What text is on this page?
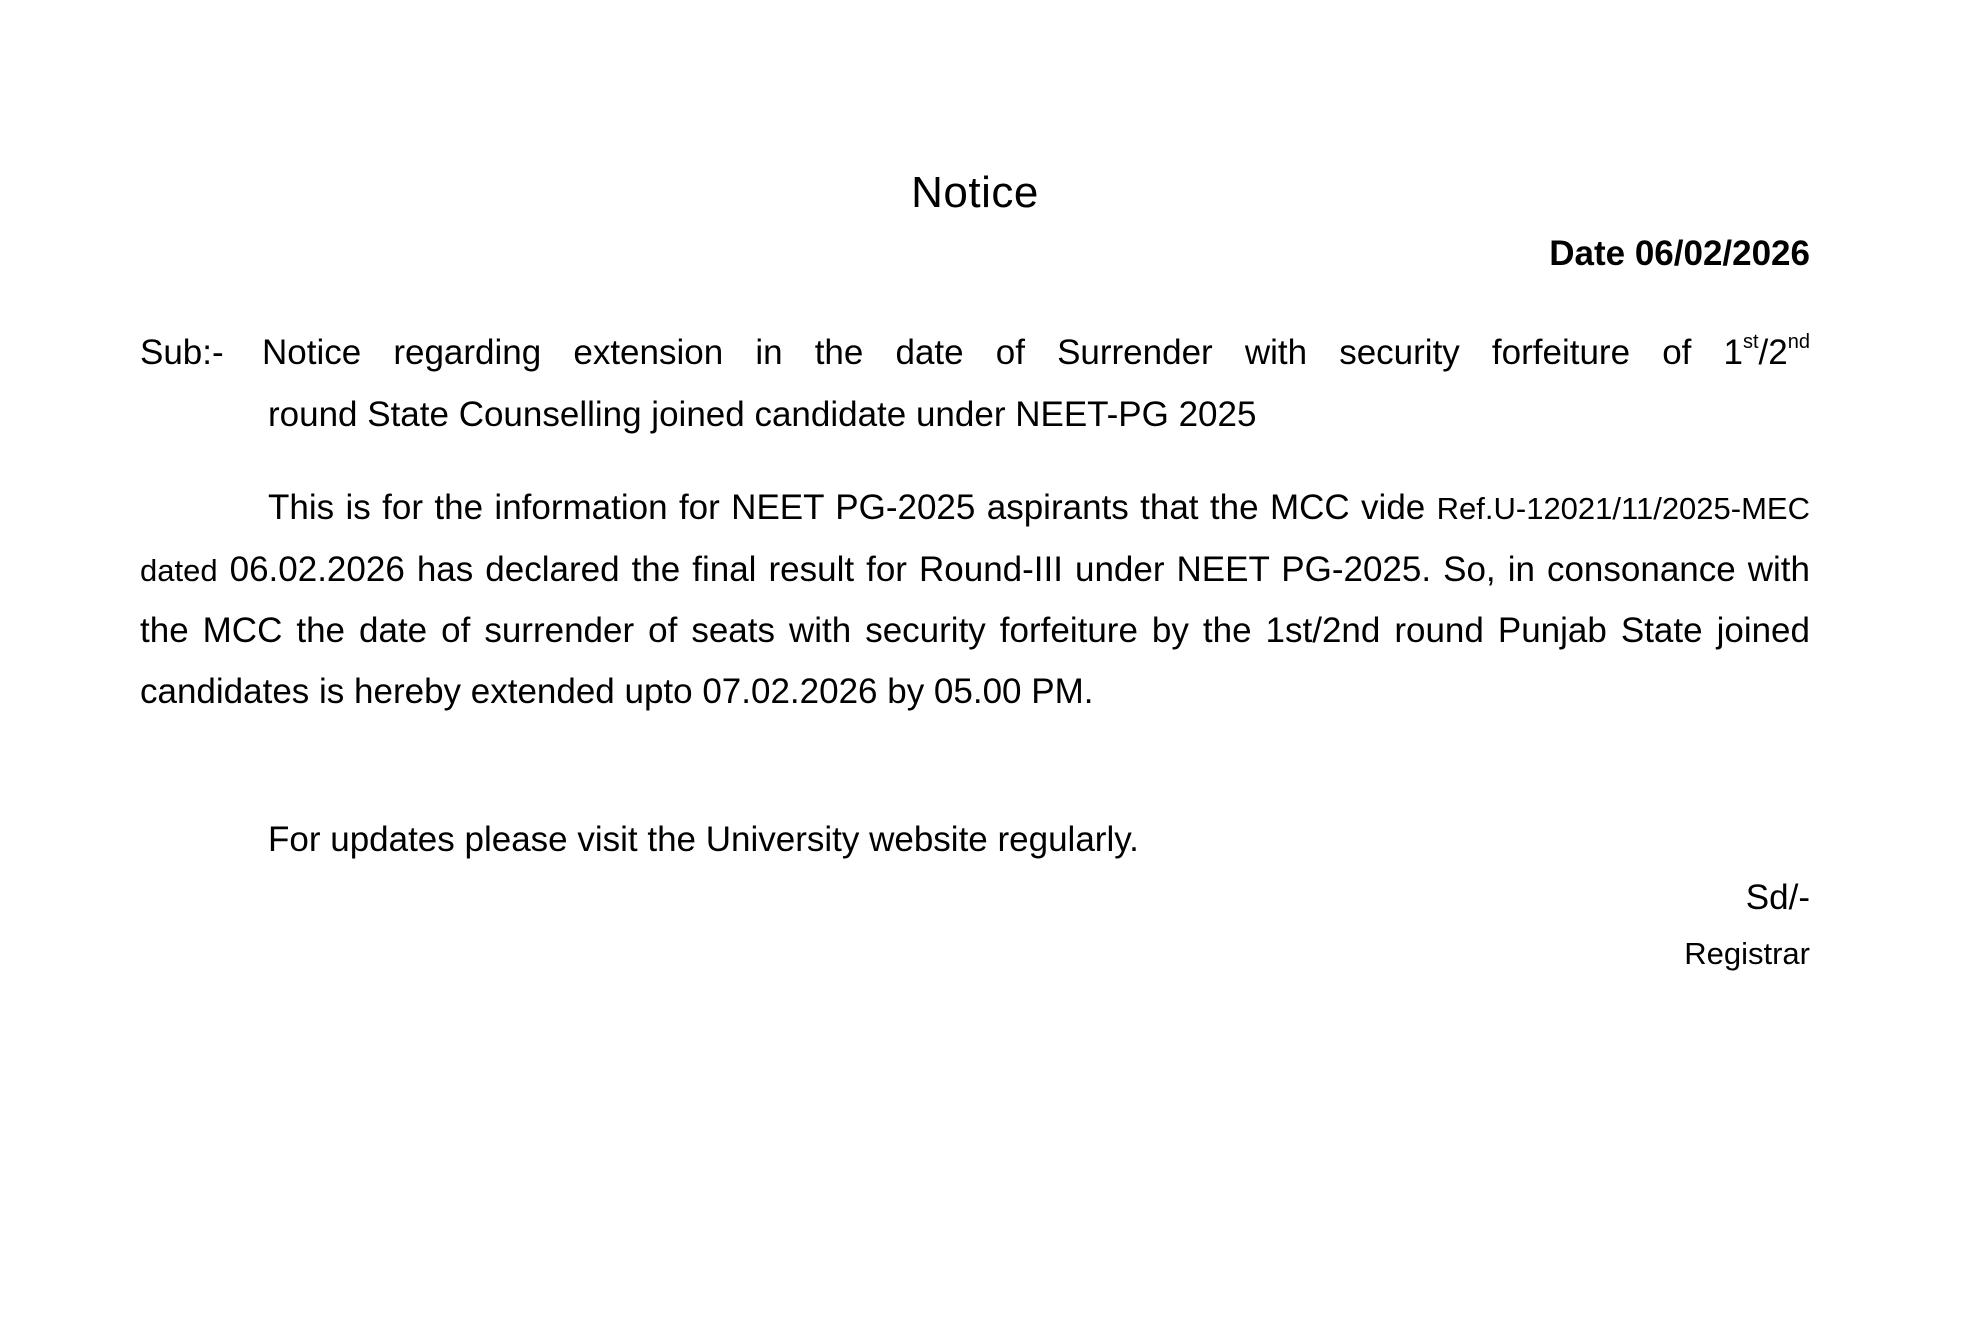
Notice
Date 06/02/2026
Sub:- Notice regarding extension in the date of Surrender with security forfeiture of 1st/2nd
round State Counselling joined candidate under NEET-PG 2025
This is for the information for NEET PG-2025 aspirants that the MCC vide Ref.U-12021/11/2025-MEC dated 06.02.2026 has declared the final result for Round-III under NEET PG-2025. So, in consonance with the MCC the date of surrender of seats with security forfeiture by the 1st/2nd round Punjab State joined candidates is hereby extended upto 07.02.2026 by 05.00 PM.
For updates please visit the University website regularly.
Sd/-
Registrar
